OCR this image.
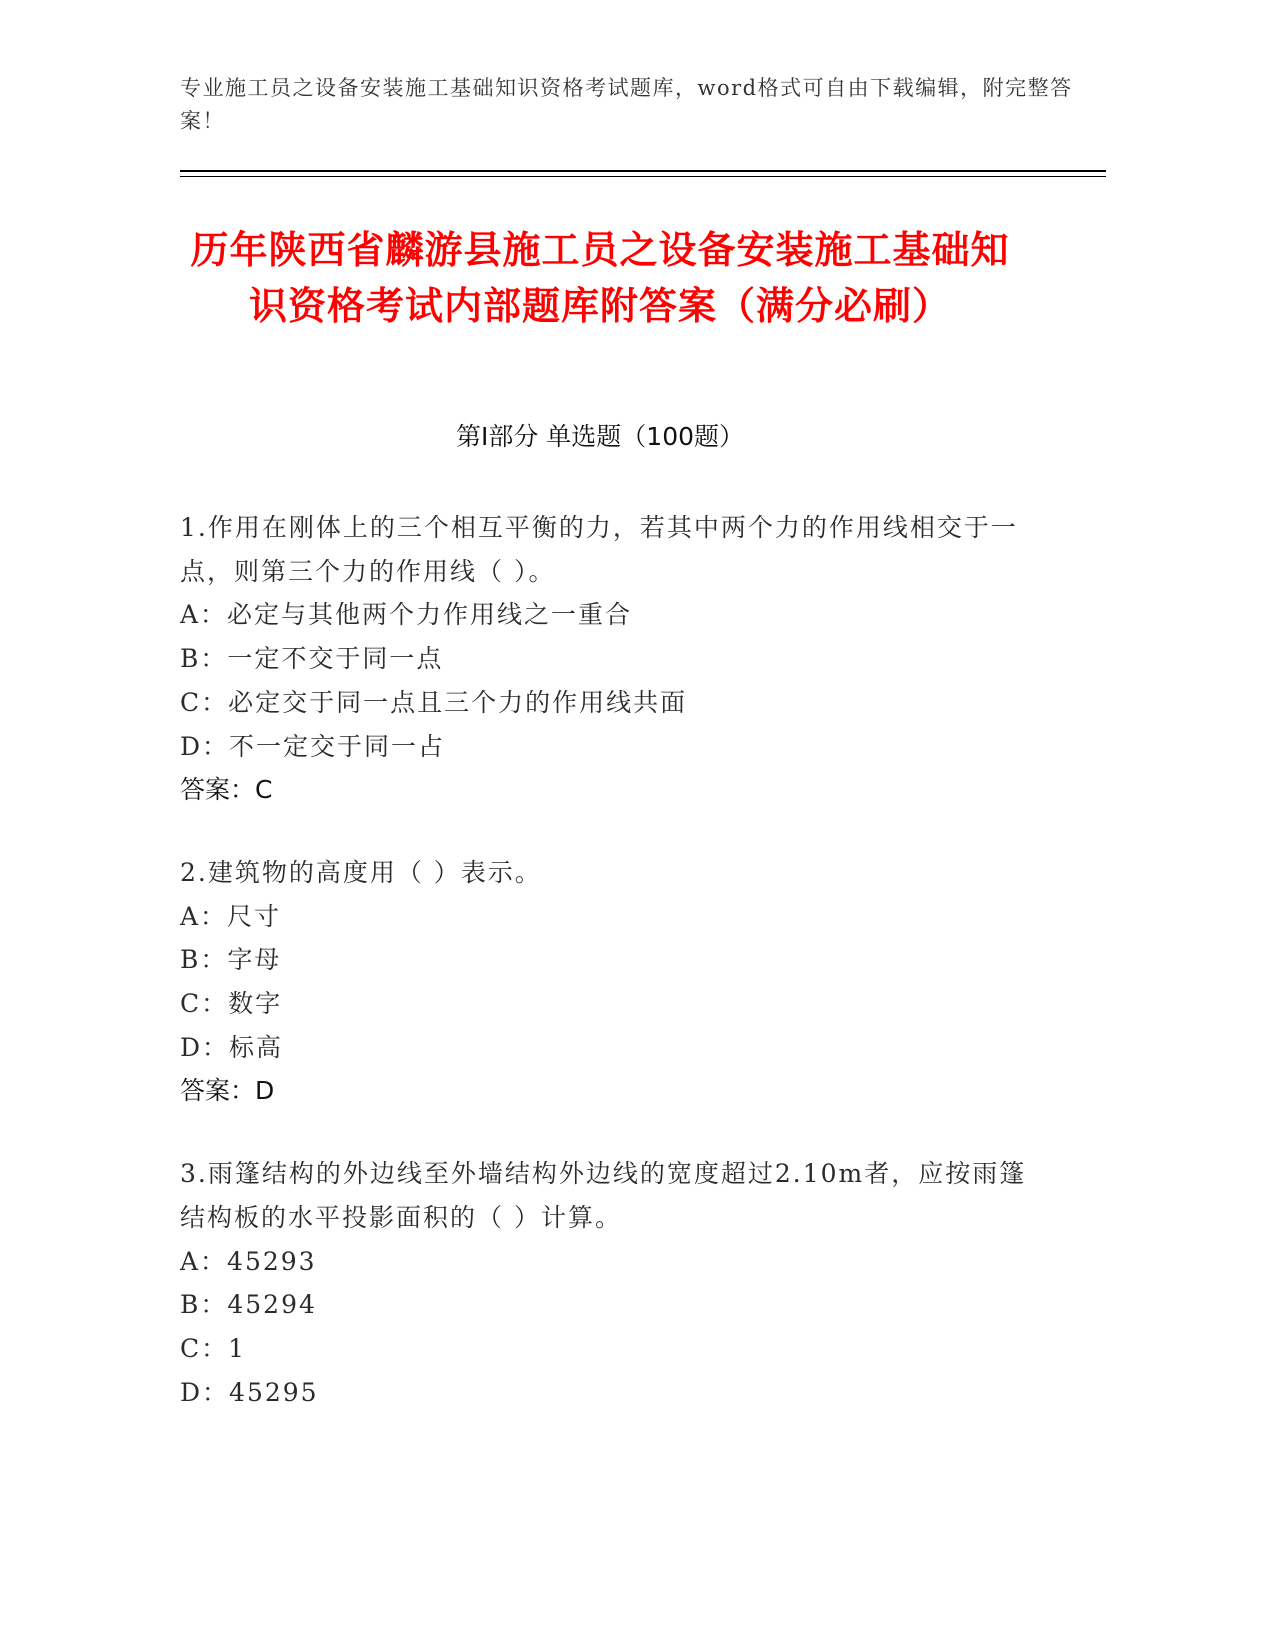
专业施工员之设备安装施工基础知识资格考试题库，word格式可自由下载编辑，附完整答案！
历年陕西省麟游县施工员之设备安装施工基础知识资格考试内部题库附答案（满分必刷）
第I部分 单选题（100题）
1.作用在刚体上的三个相互平衡的力，若其中两个力的作用线相交于一点，则第三个力的作用线（ ）。
A：必定与其他两个力作用线之一重合
B：一定不交于同一点
C：必定交于同一点且三个力的作用线共面
D：不一定交于同一占
答案：C
2.建筑物的高度用（ ）表示。
A：尺寸
B：字母
C：数字
D：标高
答案：D
3.雨篷结构的外边线至外墙结构外边线的宽度超过2.10m者，应按雨篷结构板的水平投影面积的（ ）计算。
A：45293
B：45294
C：1
D：45295
